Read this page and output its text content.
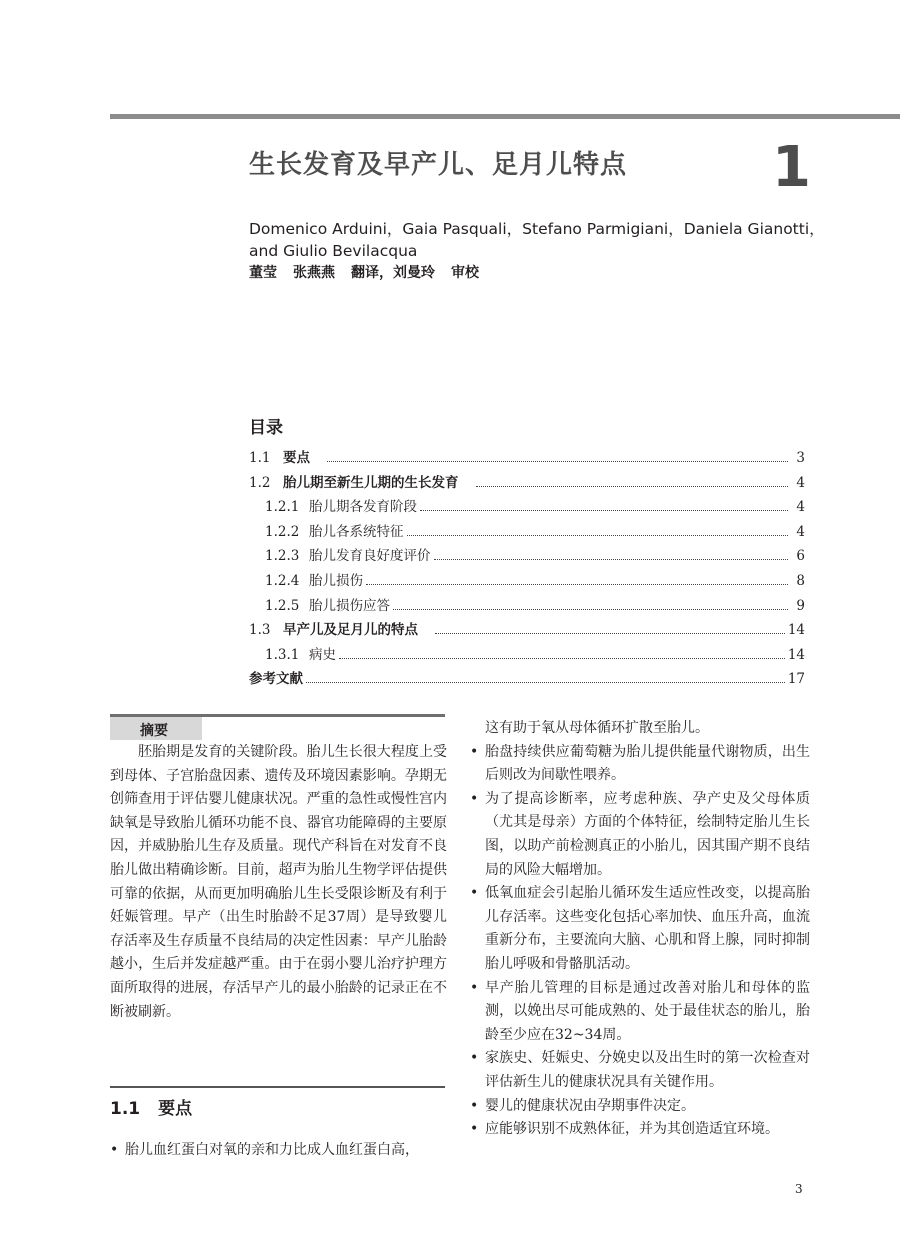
生长发育及早产儿、足月儿特点	1
Domenico Arduini，Gaia Pasquali，Stefano Parmigiani，Daniela Gianotti，
and Giulio Bevilacqua
董莹 张燕燕 翻译，刘曼玲 审校
目录
1.1 要点	3
1.2 胎儿期至新生儿期的生长发育	4
1.2.1 胎儿期各发育阶段	4
1.2.2 胎儿各系统特征	4
1.2.3 胎儿发育良好度评价	6
1.2.4 胎儿损伤	8
1.2.5 胎儿损伤应答	9
1.3 早产儿及足月儿的特点	14
1.3.1 病史	14
参考文献	17
摘要

胚胎期是发育的关键阶段。胎儿生长很大程度上受到母体、子宫胎盘因素、遗传及环境因素影响。孕期无创筛查用于评估婴儿健康状况。严重的急性或慢性宫内缺氧是导致胎儿循环功能不良、器官功能障碍的主要原因，并威胁胎儿生存及质量。现代产科旨在对发育不良胎儿做出精确诊断。目前，超声为胎儿生物学评估提供可靠的依据，从而更加明确胎儿生长受限诊断及有利于妊娠管理。早产（出生时胎龄不足37周）是导致婴儿存活率及生存质量不良结局的决定性因素：早产儿胎龄越小，生后并发症越严重。由于在弱小婴儿治疗护理方面所取得的进展，存活早产儿的最小胎龄的记录正在不断被刷新。

1.1 要点
• 胎儿血红蛋白对氧的亲和力比成人血红蛋白高，

这有助于氧从母体循环扩散至胎儿。

• 胎盘持续供应葡萄糖为胎儿提供能量代谢物质，出生后则改为间歇性喂养。

• 为了提高诊断率，应考虑种族、孕产史及父母体质（尤其是母亲）方面的个体特征，绘制特定胎儿生长图，以助产前检测真正的小胎儿，因其围产期不良结局的风险大幅增加。

• 低氧血症会引起胎儿循环发生适应性改变，以提高胎儿存活率。这些变化包括心率加快、血压升高，血流重新分布，主要流向大脑、心肌和肾上腺，同时抑制胎儿呼吸和骨骼肌活动。

• 早产胎儿管理的目标是通过改善对胎儿和母体的监测，以娩出尽可能成熟的、处于最佳状态的胎儿，胎龄至少应在32~34周。

• 家族史、妊娠史、分娩史以及出生时的第一次检查对评估新生儿的健康状况具有关键作用。

• 婴儿的健康状况由孕期事件决定。

• 应能够识别不成熟体征，并为其创造适宜环境。

3
